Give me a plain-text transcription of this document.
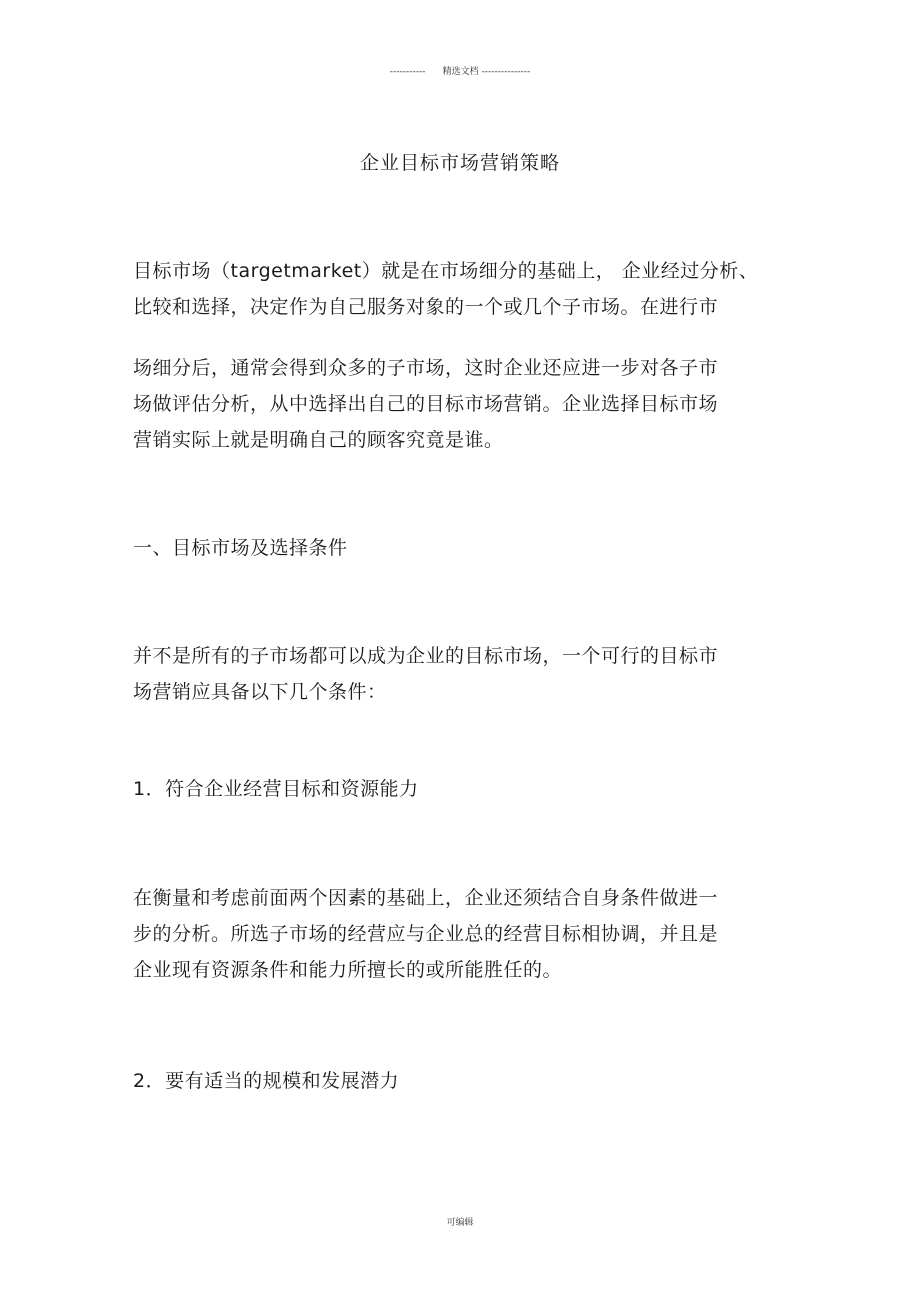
----------- 精选文档 ---------------
企业目标市场营销策略
目标市场（targetmarket）就是在市场细分的基础上， 企业经过分析、
比较和选择，决定作为自己服务对象的一个或几个子市场。在进行市
场细分后，通常会得到众多的子市场，这时企业还应进一步对各子市
场做评估分析，从中选择出自己的目标市场营销。企业选择目标市场
营销实际上就是明确自己的顾客究竟是谁。
一、目标市场及选择条件
并不是所有的子市场都可以成为企业的目标市场，一个可行的目标市
场营销应具备以下几个条件：
1．符合企业经营目标和资源能力
在衡量和考虑前面两个因素的基础上，企业还须结合自身条件做进一
步的分析。所选子市场的经营应与企业总的经营目标相协调，并且是
企业现有资源条件和能力所擅长的或所能胜任的。
2．要有适当的规模和发展潜力
可编辑
